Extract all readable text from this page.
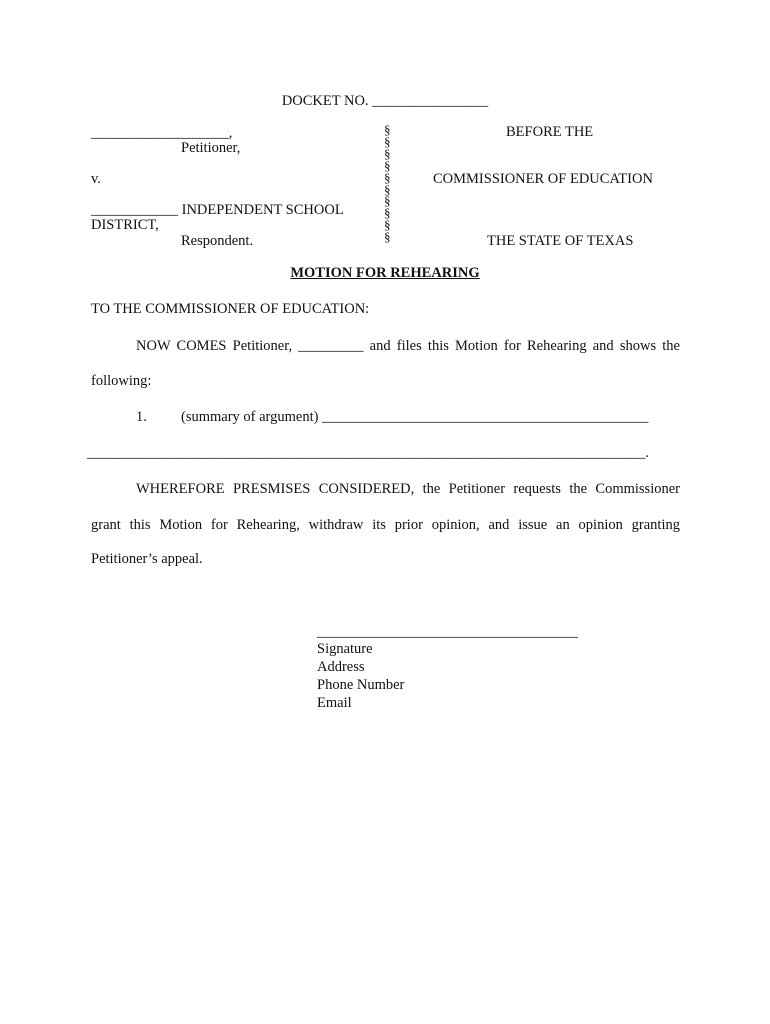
DOCKET NO. ________________
___________________,
Petitioner,
v.
____________ INDEPENDENT SCHOOL
DISTRICT,
Respondent.
§
§
§
§
§
§
§
§
§
§
BEFORE THE
COMMISSIONER OF EDUCATION
THE STATE OF TEXAS
MOTION FOR REHEARING
TO THE COMMISSIONER OF EDUCATION:
NOW COMES Petitioner, _________ and files this Motion for Rehearing and shows the
following:
1. (summary of argument) _____________________________________________
_____________________________________________________________________________.
WHEREFORE PRESMISES CONSIDERED, the Petitioner requests the Commissioner
grant this Motion for Rehearing, withdraw its prior opinion, and issue an opinion granting
Petitioner’s appeal.
____________________________________
Signature
Address
Phone Number
Email
